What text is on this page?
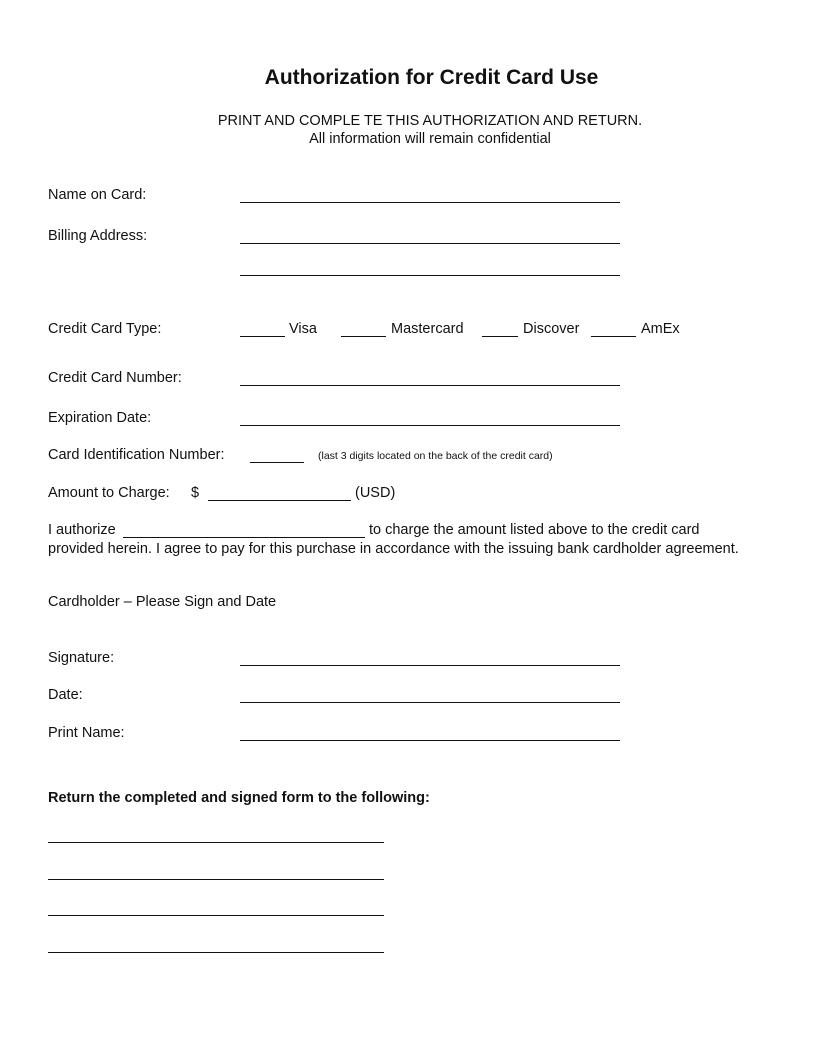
Authorization for Credit Card Use
PRINT AND COMPLE TE THIS AUTHORIZATION AND RETURN.
All information will remain confidential
Name on Card:
Billing Address:
Credit Card Type:	Visa	Mastercard	Discover	AmEx
Credit Card Number:
Expiration Date:
Card Identification Number:	(last 3 digits located on the back of the credit card)
Amount to Charge: $	(USD)
I authorize	to charge the amount listed above to the credit card
provided herein. I agree to pay for this purchase in accordance with the issuing bank cardholder agreement.
Cardholder – Please Sign and Date
Signature:
Date:
Print Name:
Return the completed and signed form to the following:
